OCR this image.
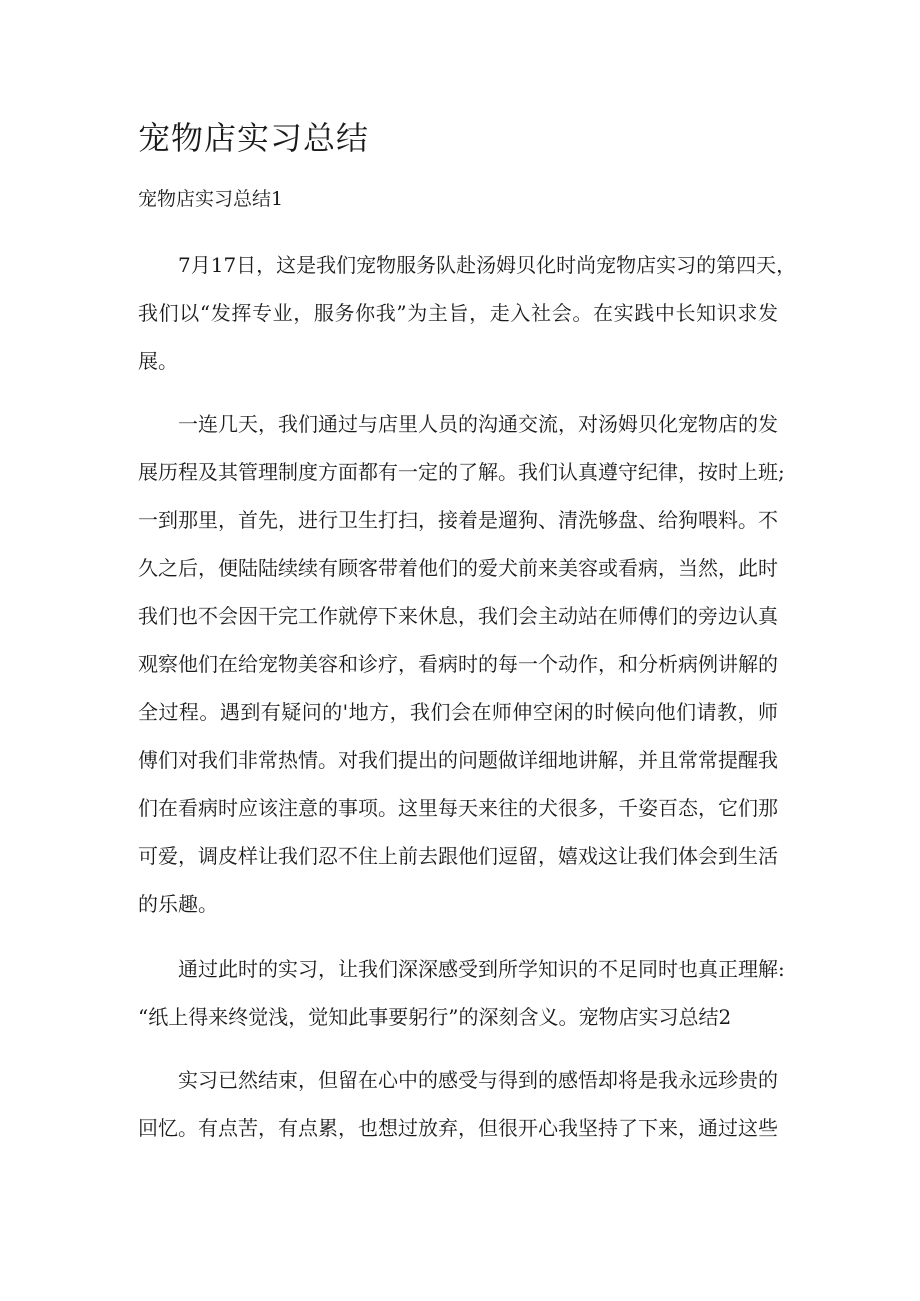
宠物店实习总结
宠物店实习总结1
7月17日，这是我们宠物服务队赴汤姆贝化时尚宠物店实习的第四天，
我们以“发挥专业，服务你我”为主旨，走入社会。在实践中长知识求发
展。
一连几天，我们通过与店里人员的沟通交流，对汤姆贝化宠物店的发
展历程及其管理制度方面都有一定的了解。我们认真遵守纪律，按时上班;
一到那里，首先，进行卫生打扫，接着是遛狗、清洗够盘、给狗喂料。不
久之后，便陆陆续续有顾客带着他们的爱犬前来美容或看病，当然，此时
我们也不会因干完工作就停下来休息，我们会主动站在师傅们的旁边认真
观察他们在给宠物美容和诊疗，看病时的每一个动作，和分析病例讲解的
全过程。遇到有疑问的'地方，我们会在师伸空闲的时候向他们请教，师
傅们对我们非常热情。对我们提出的问题做详细地讲解，并且常常提醒我
们在看病时应该注意的事项。这里每天来往的犬很多，千姿百态，它们那
可爱，调皮样让我们忍不住上前去跟他们逗留，嬉戏这让我们体会到生活
的乐趣。
通过此时的实习，让我们深深感受到所学知识的不足同时也真正理解:
“纸上得来终觉浅，觉知此事要躬行”的深刻含义。宠物店实习总结2
实习已然结束，但留在心中的感受与得到的感悟却将是我永远珍贵的
回忆。有点苦，有点累，也想过放弃，但很开心我坚持了下来，通过这些
